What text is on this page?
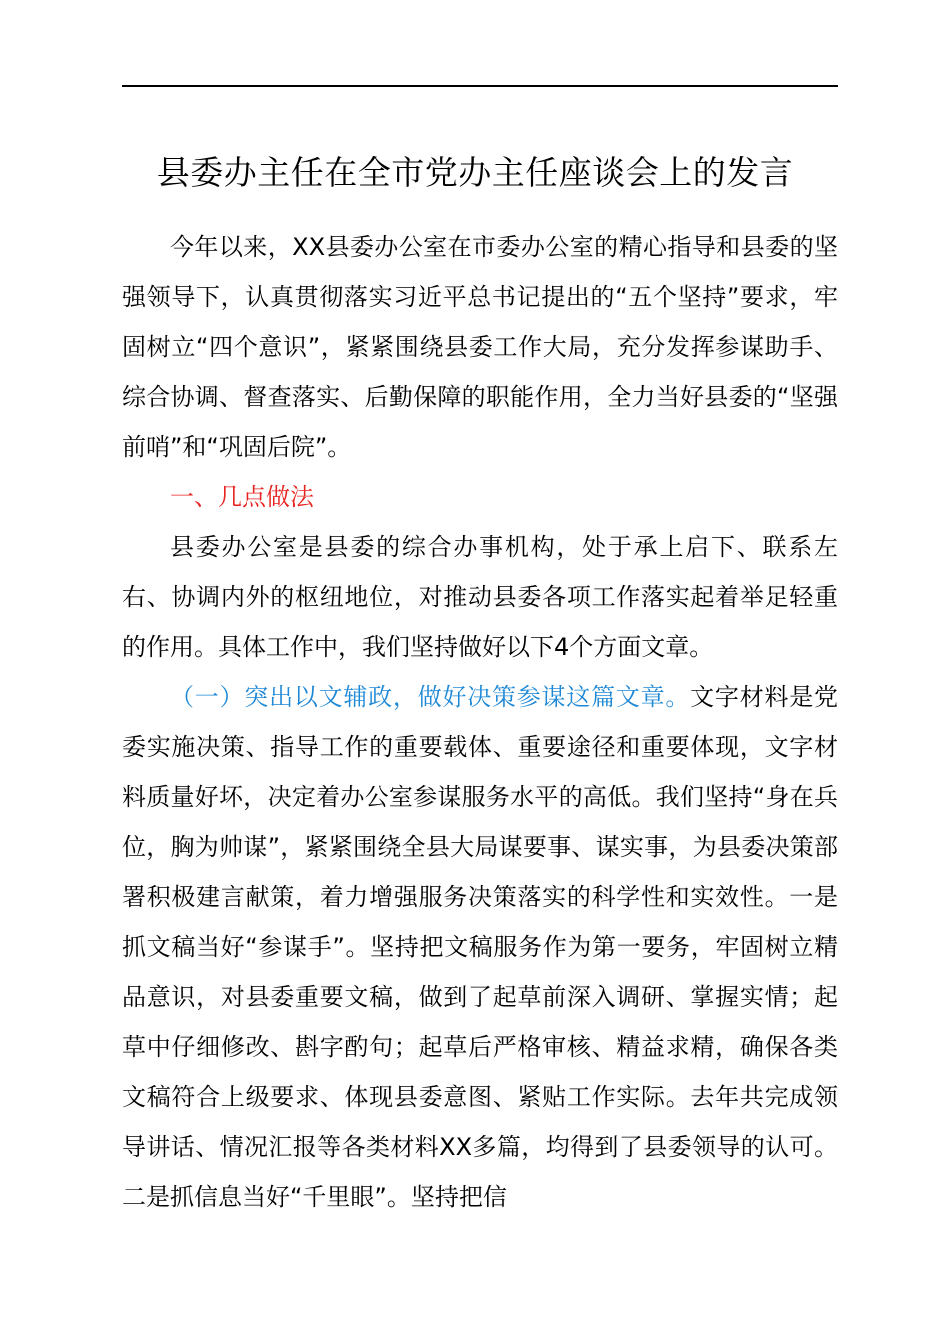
县委办主任在全市党办主任座谈会上的发言

今年以来，XX县委办公室在市委办公室的精心指导和县委的坚强领导下，认真贯彻落实习近平总书记提出的“五个坚持”要求，牢固树立“四个意识”，紧紧围绕县委工作大局，充分发挥参谋助手、综合协调、督查落实、后勤保障的职能作用，全力当好县委的“坚强前哨”和“巩固后院”。

一、几点做法

县委办公室是县委的综合办事机构，处于承上启下、联系左右、协调内外的枢纽地位，对推动县委各项工作落实起着举足轻重的作用。具体工作中，我们坚持做好以下4个方面文章。

（一）突出以文辅政，做好决策参谋这篇文章。文字材料是党委实施决策、指导工作的重要载体、重要途径和重要体现，文字材料质量好坏，决定着办公室参谋服务水平的高低。我们坚持“身在兵位，胸为帅谋”，紧紧围绕全县大局谋要事、谋实事，为县委决策部署积极建言献策，着力增强服务决策落实的科学性和实效性。一是抓文稿当好“参谋手”。坚持把文稿服务作为第一要务，牢固树立精品意识，对县委重要文稿，做到了起草前深入调研、掌握实情；起草中仔细修改、斟字酌句；起草后严格审核、精益求精，确保各类文稿符合上级要求、体现县委意图、紧贴工作实际。去年共完成领导讲话、情况汇报等各类材料XX多篇，均得到了县委领导的认可。二是抓信息当好“千里眼”。坚持把信
